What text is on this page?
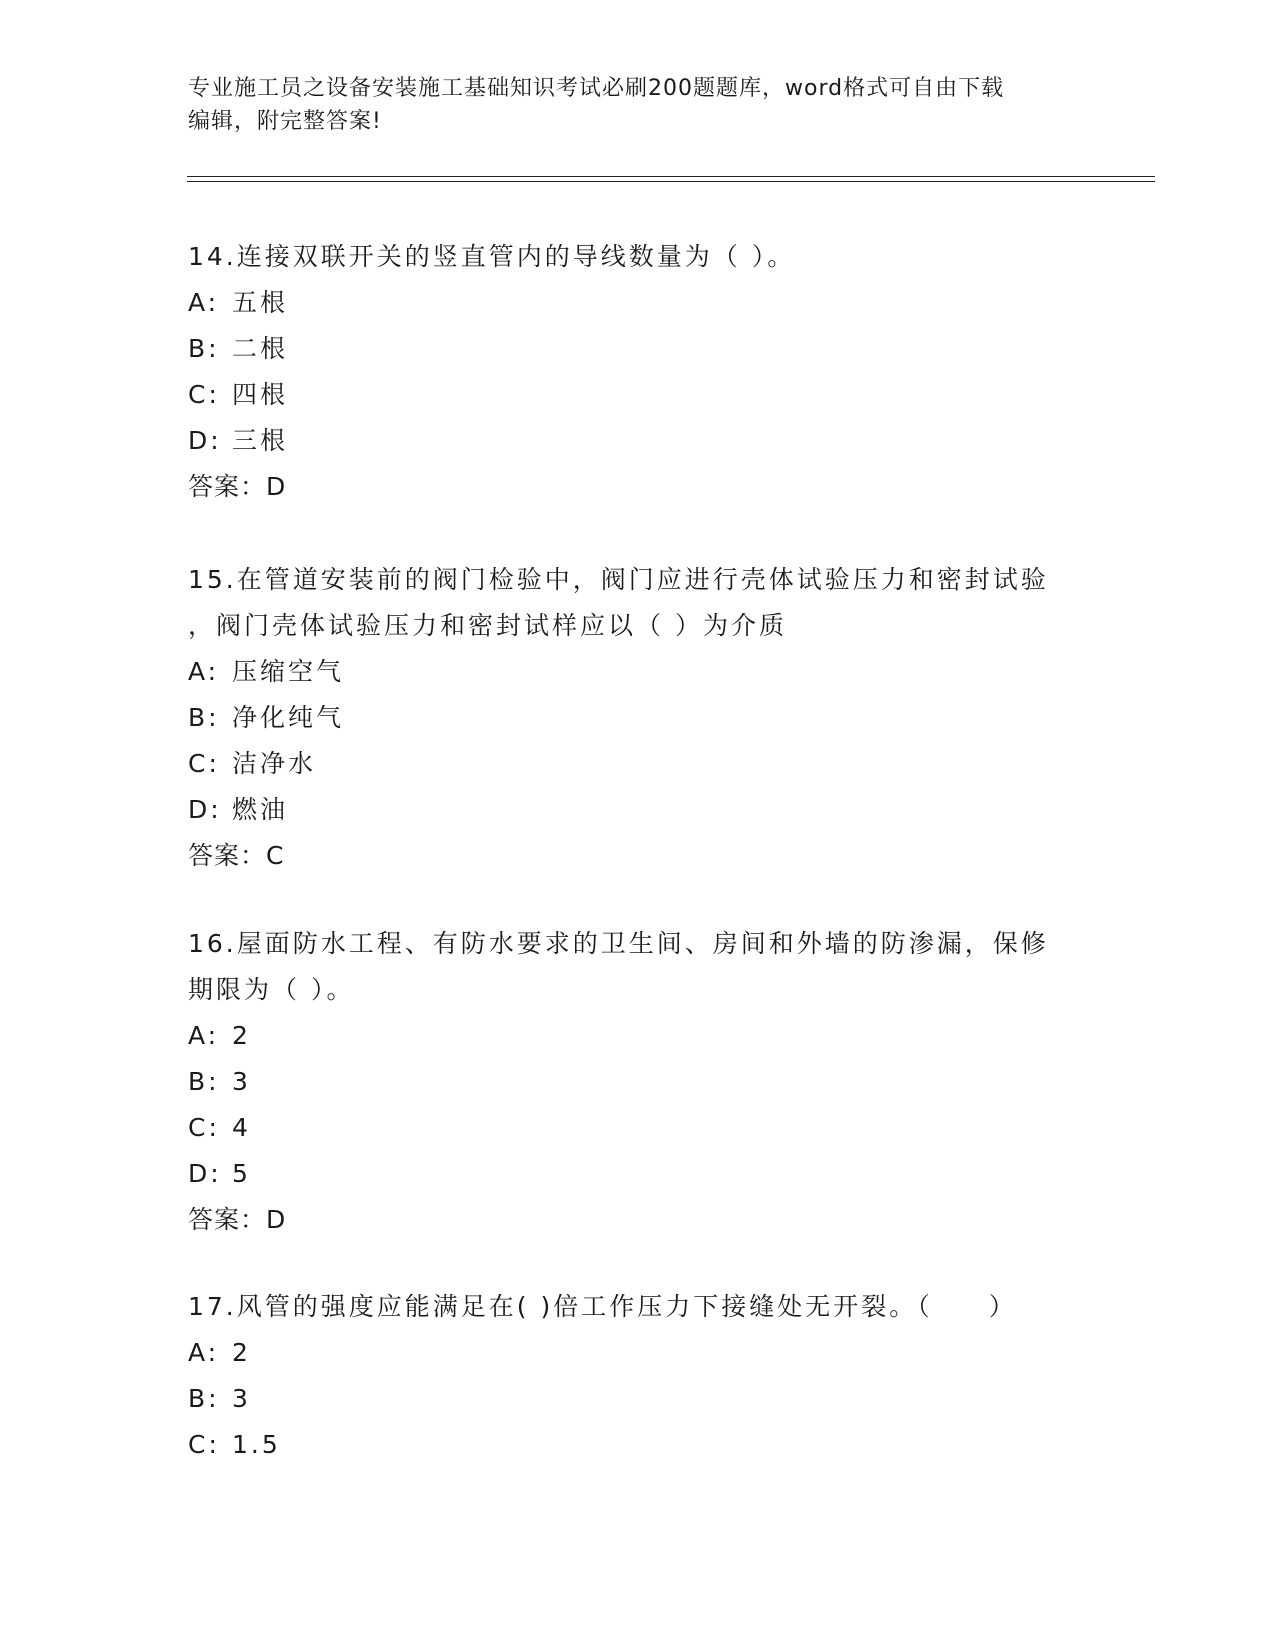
专业施工员之设备安装施工基础知识考试必刷200题题库，word格式可自由下载
编辑，附完整答案!
14.连接双联开关的竖直管内的导线数量为（ ）。
A: 五根
B: 二根
C: 四根
D: 三根
答案：D
15.在管道安装前的阀门检验中，阀门应进行壳体试验压力和密封试验
，阀门壳体试验压力和密封试样应以（ ）为介质
A: 压缩空气
B: 净化纯气
C: 洁净水
D: 燃油
答案：C
16.屋面防水工程、有防水要求的卫生间、房间和外墙的防渗漏，保修
期限为（ ）。
A: 2
B: 3
C: 4
D: 5
答案：D
17.风管的强度应能满足在( )倍工作压力下接缝处无开裂。（　　）
A: 2
B: 3
C: 1.5
